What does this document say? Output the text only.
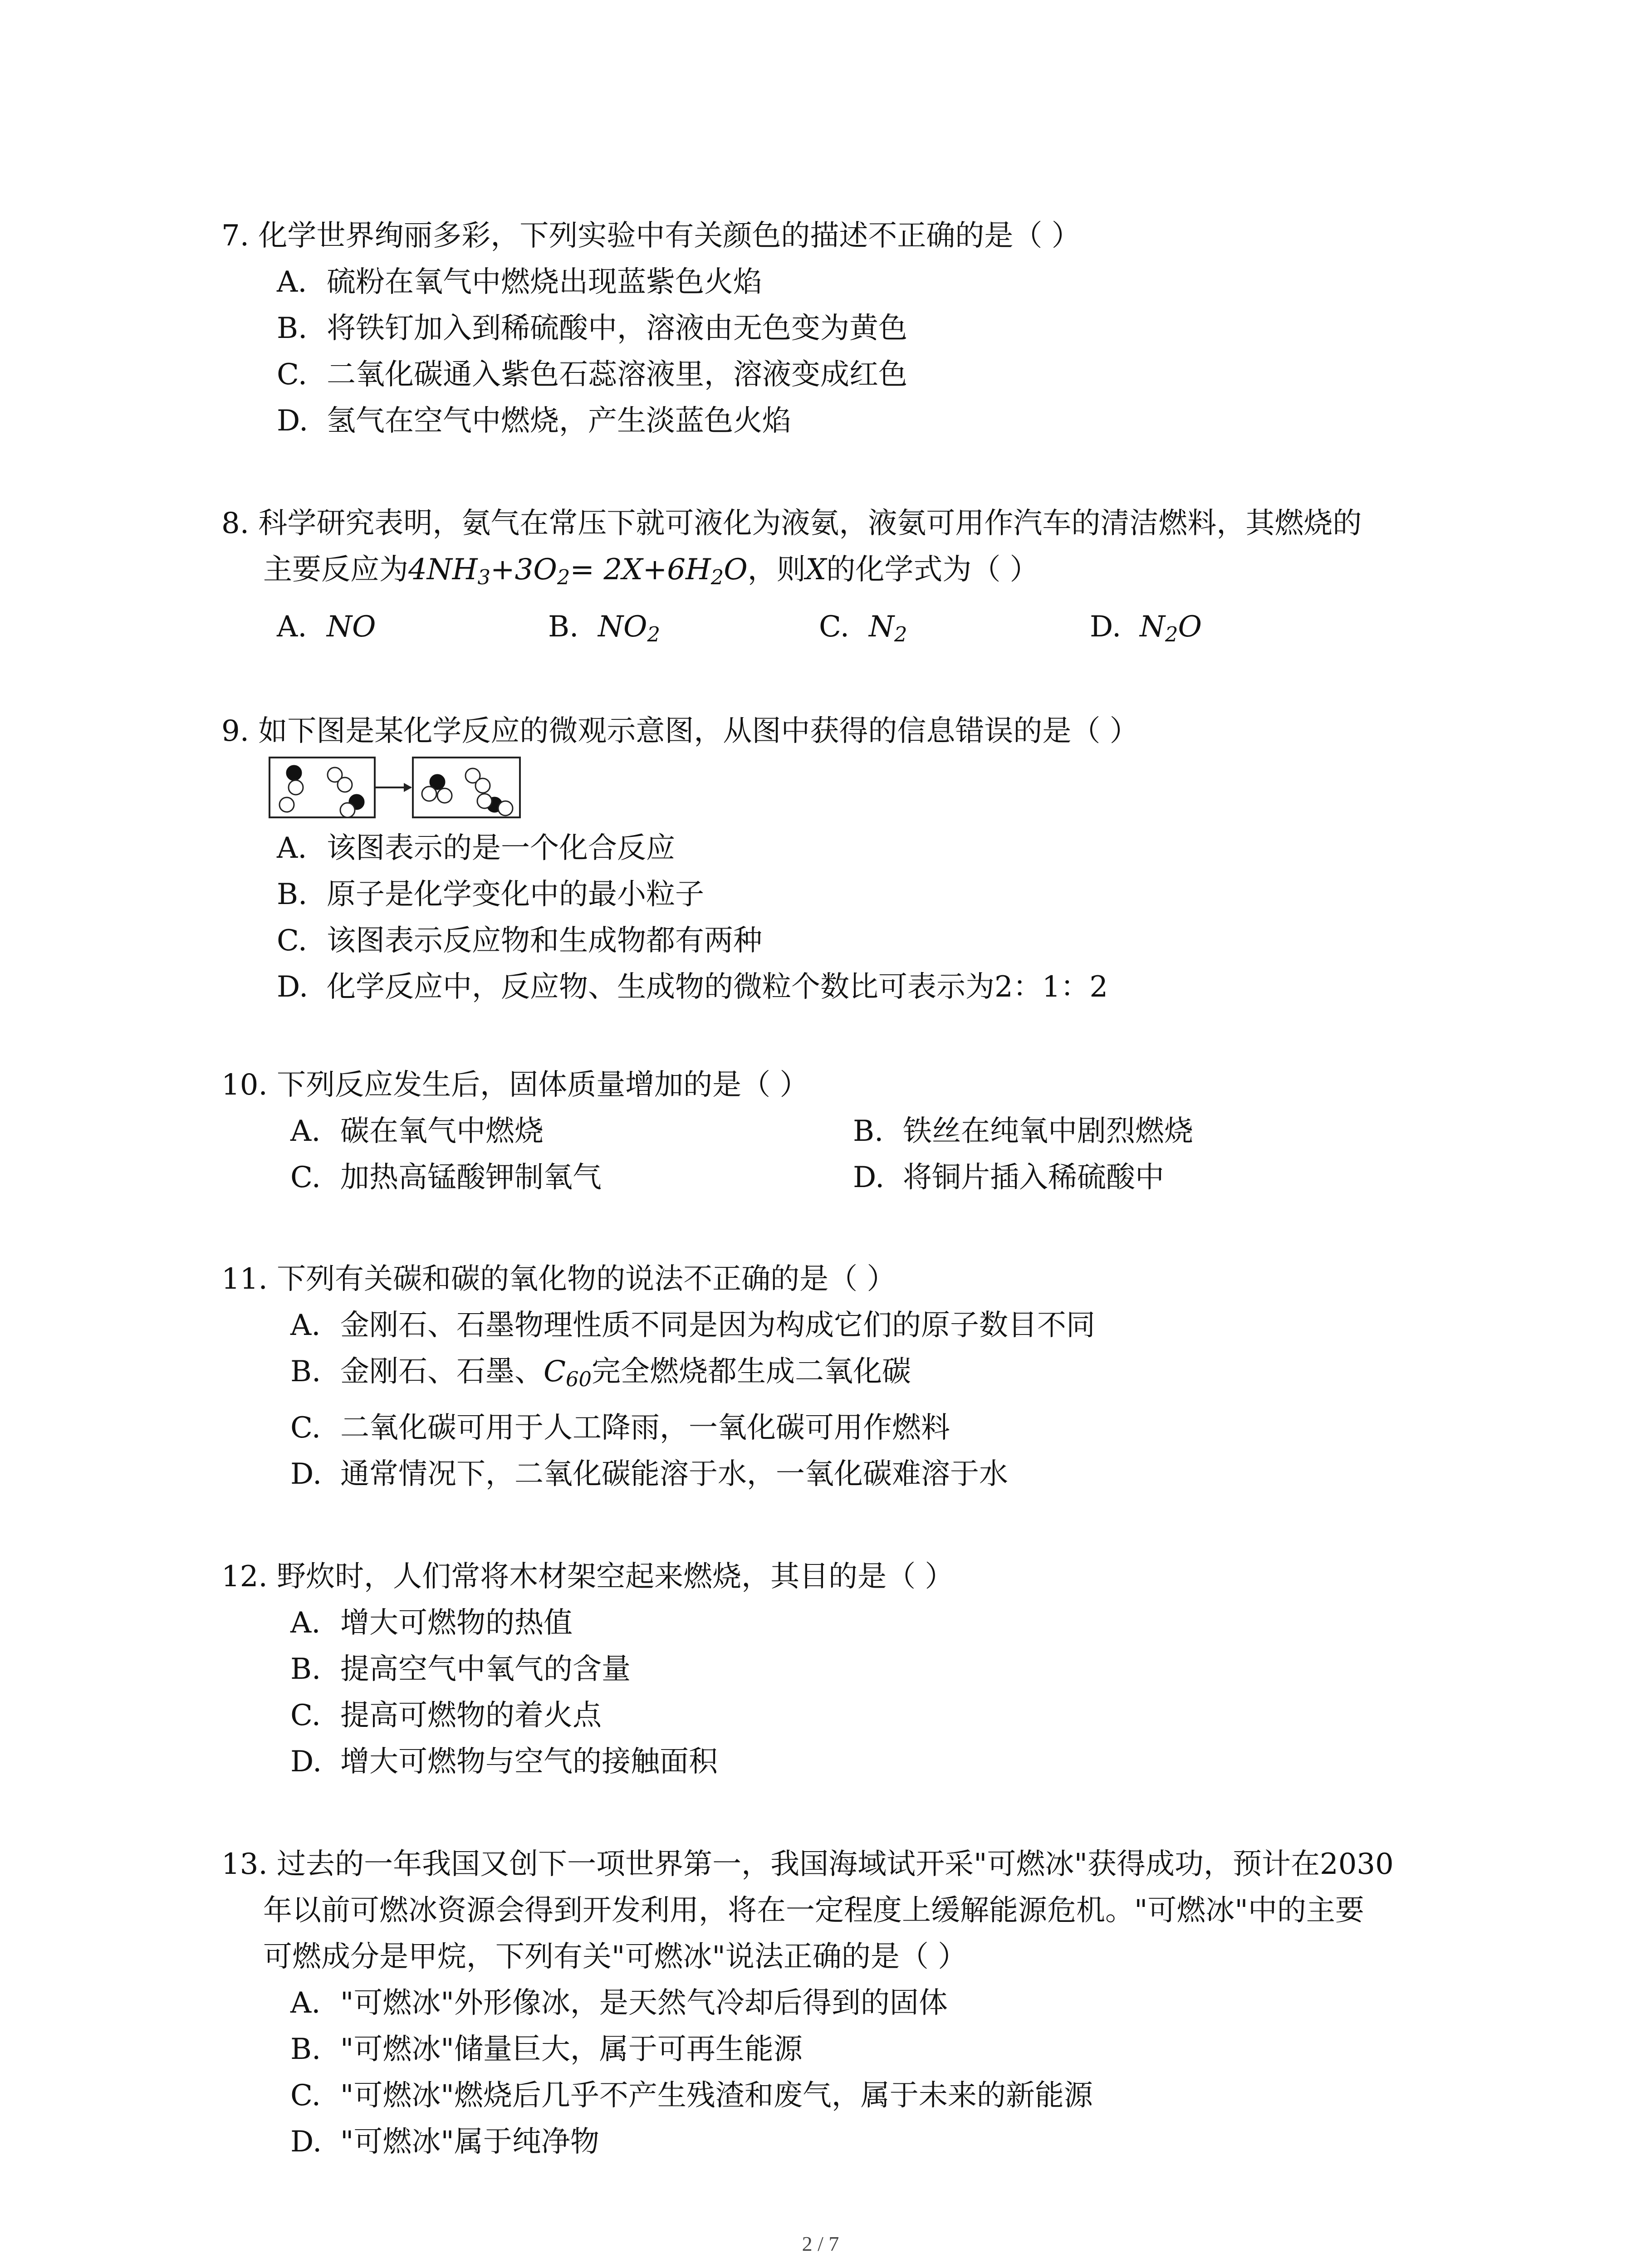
7. 化学世界绚丽多彩，下列实验中有关颜色的描述不正确的是（ ）
A. 硫粉在氧气中燃烧出现蓝紫色火焰
B. 将铁钉加入到稀硫酸中，溶液由无色变为黄色
C. 二氧化碳通入紫色石蕊溶液里，溶液变成红色
D. 氢气在空气中燃烧，产生淡蓝色火焰
8. 科学研究表明，氨气在常压下就可液化为液氨，液氨可用作汽车的清洁燃料，其燃烧的
主要反应为$4NH_3+3O_2= 2X+6H_2O$，则X的化学式为（ ）
A. NO	B. $NO_2$	C. $N_2$	D. $N_2O$
9. 如下图是某化学反应的微观示意图，从图中获得的信息错误的是（ ）
A. 该图表示的是一个化合反应
B. 原子是化学变化中的最小粒子
C. 该图表示反应物和生成物都有两种
D. 化学反应中，反应物、生成物的微粒个数比可表示为2：1：2
10. 下列反应发生后，固体质量增加的是（ ）
A. 碳在氧气中燃烧	B. 铁丝在纯氧中剧烈燃烧
C. 加热高锰酸钾制氧气	D. 将铜片插入稀硫酸中
11. 下列有关碳和碳的氧化物的说法不正确的是（ ）
A. 金刚石、石墨物理性质不同是因为构成它们的原子数目不同
B. 金刚石、石墨、$C_{60}$完全燃烧都生成二氧化碳
C. 二氧化碳可用于人工降雨，一氧化碳可用作燃料
D. 通常情况下，二氧化碳能溶于水，一氧化碳难溶于水
12. 野炊时，人们常将木材架空起来燃烧，其目的是（ ）
A. 增大可燃物的热值
B. 提高空气中氧气的含量
C. 提高可燃物的着火点
D. 增大可燃物与空气的接触面积
13. 过去的一年我国又创下一项世界第一，我国海域试开采"可燃冰"获得成功，预计在2030
年以前可燃冰资源会得到开发利用，将在一定程度上缓解能源危机。"可燃冰"中的主要
可燃成分是甲烷，下列有关"可燃冰"说法正确的是（ ）
A. "可燃冰"外形像冰，是天然气冷却后得到的固体
B. "可燃冰"储量巨大，属于可再生能源
C. "可燃冰"燃烧后几乎不产生残渣和废气，属于未来的新能源
D. "可燃冰"属于纯净物
2 / 7
